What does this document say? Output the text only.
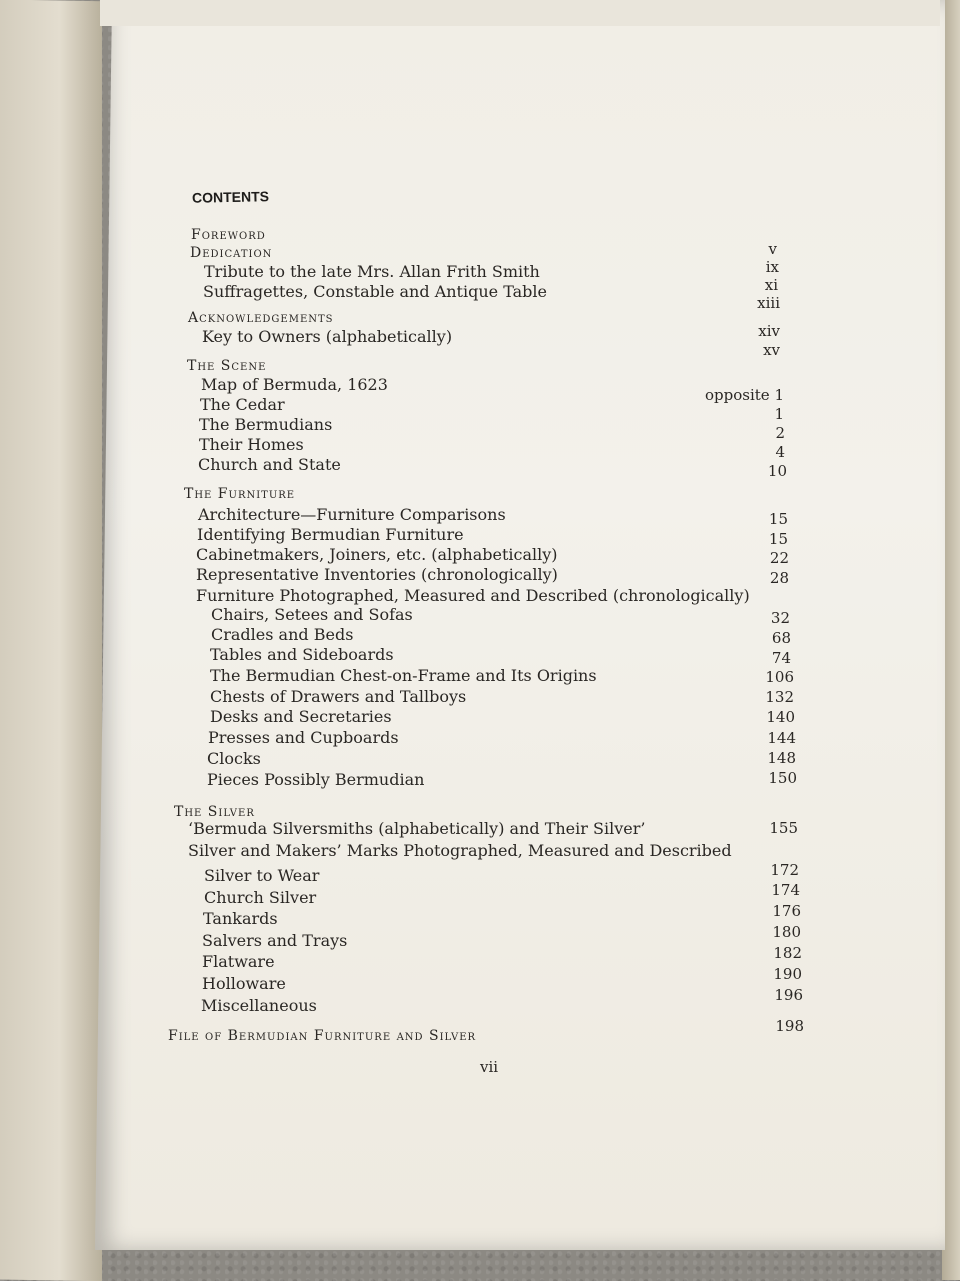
CONTENTS
Foreword
Dedication
Tribute to the late Mrs. Allan Frith Smith
Suffragettes, Constable and Antique Table
Acknowledgements
Key to Owners (alphabetically)
The Scene
Map of Bermuda, 1623
The Cedar
The Bermudians
Their Homes
Church and State
The Furniture
Architecture—Furniture Comparisons
Identifying Bermudian Furniture
Cabinetmakers, Joiners, etc. (alphabetically)
Representative Inventories (chronologically)
Furniture Photographed, Measured and Described (chronologically)
Chairs, Setees and Sofas
Cradles and Beds
Tables and Sideboards
The Bermudian Chest-on-Frame and Its Origins
Chests of Drawers and Tallboys
Desks and Secretaries
Presses and Cupboards
Clocks
Pieces Possibly Bermudian
The Silver
‘Bermuda Silversmiths (alphabetically) and Their Silver’
Silver and Makers’ Marks Photographed, Measured and Described
Silver to Wear
Church Silver
Tankards
Salvers and Trays
Flatware
Holloware
Miscellaneous
File of Bermudian Furniture and Silver
v
ix
xi
xiii
xiv
xv
opposite 1
1
2
4
10
15
15
22
28
32
68
74
106
132
140
144
148
150
155
172
174
176
180
182
190
196
198
vii
